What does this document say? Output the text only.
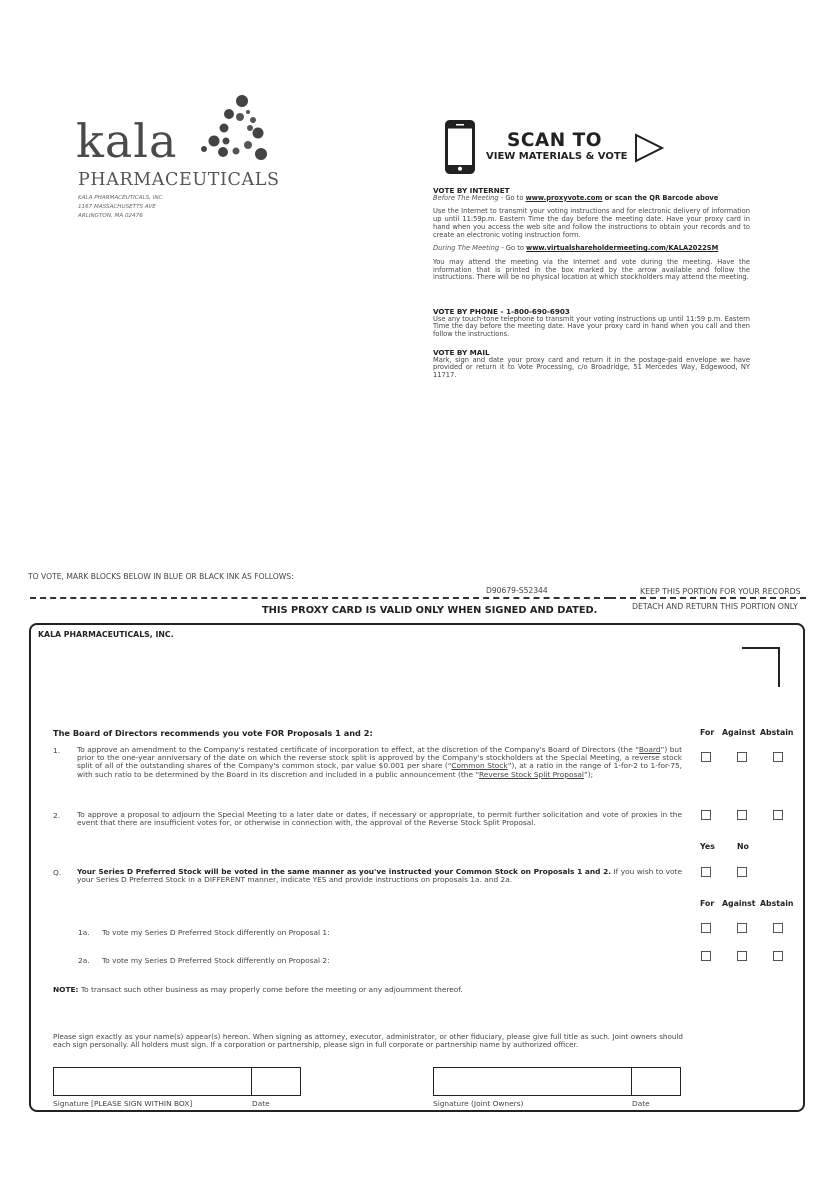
kala
PHARMACEUTICALS
KALA PHARMACEUTICALS, INC.
1167 MASSACHUSETTS AVE
ARLINGTON, MA 02476
SCAN TO
VIEW MATERIALS & VOTE
VOTE BY INTERNET

Before The Meeting - Go to www.proxyvote.com or scan the QR Barcode above

Use the Internet to transmit your voting instructions and for electronic delivery of information up until 11:59p.m. Eastern Time the day before the meeting date. Have your proxy card in hand when you access the web site and follow the instructions to obtain your records and to create an electronic voting instruction form.

During The Meeting - Go to www.virtualshareholdermeeting.com/KALA2022SM

You may attend the meeting via the Internet and vote during the meeting. Have the information that is printed in the box marked by the arrow available and follow the instructions. There will be no physical location at which stockholders may attend the meeting.

VOTE BY PHONE - 1-800-690-6903

Use any touch-tone telephone to transmit your voting instructions up until 11:59 p.m. Eastern Time the day before the meeting date. Have your proxy card in hand when you call and then follow the instructions.

VOTE BY MAIL

Mark, sign and date your proxy card and return it in the postage-paid envelope we have provided or return it to Vote Processing, c/o Broadridge, 51 Mercedes Way, Edgewood, NY 11717.

TO VOTE, MARK BLOCKS BELOW IN BLUE OR BLACK INK AS FOLLOWS:
D90679-S52344	KEEP THIS PORTION FOR YOUR RECORDS
THIS PROXY CARD IS VALID ONLY WHEN SIGNED AND DATED.	DETACH AND RETURN THIS PORTION ONLY
KALA PHARMACEUTICALS, INC.
The Board of Directors recommends you vote FOR Proposals 1 and 2:	For Against Abstain
1. To approve an amendment to the Company's restated certificate of incorporation to effect, at the discretion of the Company's Board of Directors (the “Board”) but prior to the one-year anniversary of the date on which the reverse stock split is approved by the Company's stockholders at the Special Meeting, a reverse stock split of all of the outstanding shares of the Company's common stock, par value $0.001 per share (“Common Stock”), at a ratio in the range of 1-for-2 to 1-for-75, with such ratio to be determined by the Board in its discretion and included in a public announcement (the “Reverse Stock Split Proposal”);
2. To approve a proposal to adjourn the Special Meeting to a later date or dates, if necessary or appropriate, to permit further solicitation and vote of proxies in the event that there are insufficient votes for, or otherwise in connection with, the approval of the Reverse Stock Split Proposal.
Yes	No
Q. Your Series D Preferred Stock will be voted in the same manner as you've instructed your Common Stock on Proposals 1 and 2. If you wish to vote your Series D Preferred Stock in a DIFFERENT manner, indicate YES and provide instructions on proposals 1a. and 2a.
For Against Abstain
1a. To vote my Series D Preferred Stock differently on Proposal 1:
2a. To vote my Series D Preferred Stock differently on Proposal 2:
NOTE: To transact such other business as may properly come before the meeting or any adjournment thereof.
Please sign exactly as your name(s) appear(s) hereon. When signing as attorney, executor, administrator, or other fiduciary, please give full title as such. Joint owners should each sign personally. All holders must sign. If a corporation or partnership, please sign in full corporate or partnership name by authorized officer.
Signature [PLEASE SIGN WITHIN BOX]	Date	Signature (Joint Owners)	Date
